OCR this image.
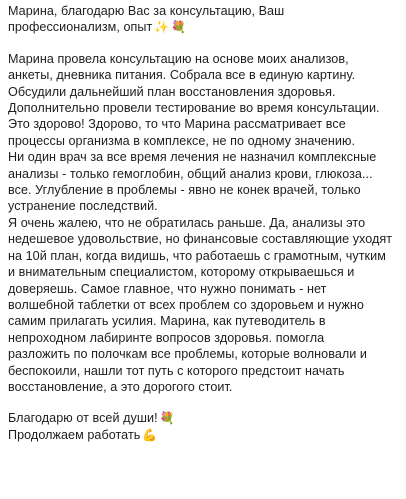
Марина, благодарю Вас за консультацию, Ваш
профессионализм, опыт ✨ 💐

Марина провела консультацию на основе моих анализов,
анкеты, дневника питания. Собрала все в единую картину.
Обсудили дальнейший план восстановления здоровья.
Дополнительно провели тестирование во время консультации.
Это здорово! Здорово, то что Марина рассматривает все
процессы организма в комплексе, не по одному значению.
Ни один врач за все время лечения не назначил комплексные
анализы - только гемоглобин, общий анализ крови, глюкоза...
все. Углубление в проблемы - явно не конек врачей, только
устранение последствий.
Я очень жалею, что не обратилась раньше. Да, анализы это
недешевое удовольствие, но финансовые составляющие уходят
на 10й план, когда видишь, что работаешь с грамотным, чутким
и внимательным специалистом, которому открываешься и
доверяешь. Самое главное, что нужно понимать - нет
волшебной таблетки от всех проблем со здоровьем и нужно
самим прилагать усилия. Марина, как путеводитель в
непроходном лабиринте вопросов здоровья. помогла
разложить по полочкам все проблемы, которые волновали и
беспокоили, нашли тот путь с которого предстоит начать
восстановление, а это дорогого стоит.

Благодарю от всей души! 💐

Продолжаем работать 💪
